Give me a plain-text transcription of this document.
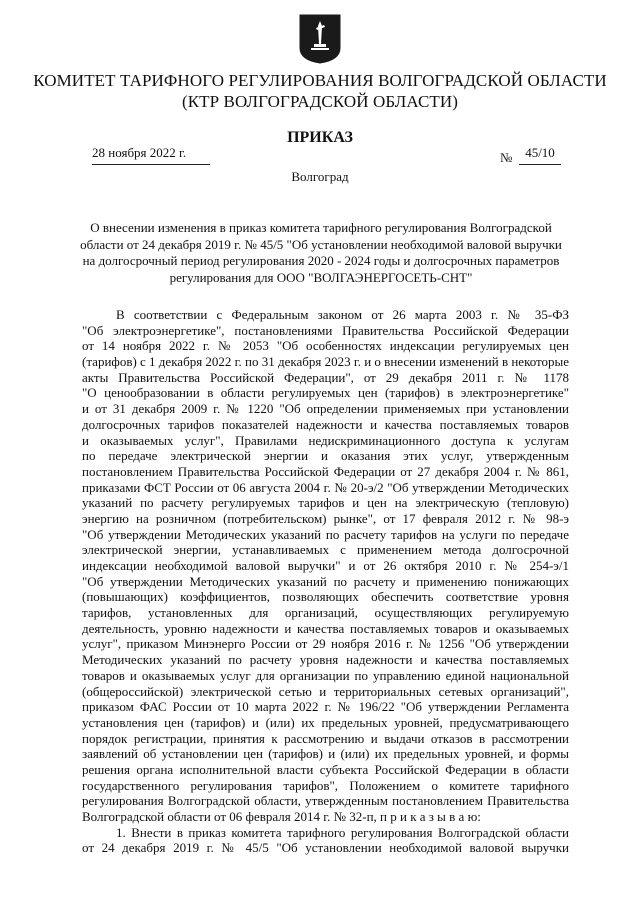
КОМИТЕТ ТАРИФНОГО РЕГУЛИРОВАНИЯ ВОЛГОГРАДСКОЙ ОБЛАСТИ
(КТР ВОЛГОГРАДСКОЙ ОБЛАСТИ)
ПРИКАЗ
28 ноября 2022 г.	№ 45/10
Волгоград
О внесении изменения в приказ комитета тарифного регулирования Волгоградской
области от 24 декабря 2019 г. № 45/5 "Об установлении необходимой валовой выручки
на долгосрочный период регулирования 2020 - 2024 годы и долгосрочных параметров
регулирования для ООО "ВОЛГАЭНЕРГОСЕТЬ-СНТ"
В соответствии с Федеральным законом от 26 марта 2003 г. № 35-ФЗ
"Об электроэнергетике", постановлениями Правительства Российской Федерации
от 14 ноября 2022 г. № 2053 "Об особенностях индексации регулируемых цен
(тарифов) с 1 декабря 2022 г. по 31 декабря 2023 г. и о внесении изменений в некоторые
акты Правительства Российской Федерации", от 29 декабря 2011 г. № 1178
"О ценообразовании в области регулируемых цен (тарифов) в электроэнергетике"
и от 31 декабря 2009 г. № 1220 "Об определении применяемых при установлении
долгосрочных тарифов показателей надежности и качества поставляемых товаров
и оказываемых услуг", Правилами недискриминационного доступа к услугам
по передаче электрической энергии и оказания этих услуг, утвержденным
постановлением Правительства Российской Федерации от 27 декабря 2004 г. № 861,
приказами ФСТ России от 06 августа 2004 г. № 20-э/2 "Об утверждении Методических
указаний по расчету регулируемых тарифов и цен на электрическую (тепловую)
энергию на розничном (потребительском) рынке", от 17 февраля 2012 г. № 98-э
"Об утверждении Методических указаний по расчету тарифов на услуги по передаче
электрической энергии, устанавливаемых с применением метода долгосрочной
индексации необходимой валовой выручки" и от 26 октября 2010 г. № 254-э/1
"Об утверждении Методических указаний по расчету и применению понижающих
(повышающих) коэффициентов, позволяющих обеспечить соответствие уровня
тарифов, установленных для организаций, осуществляющих регулируемую
деятельность, уровню надежности и качества поставляемых товаров и оказываемых
услуг", приказом Минэнерго России от 29 ноября 2016 г. № 1256 "Об утверждении
Методических указаний по расчету уровня надежности и качества поставляемых
товаров и оказываемых услуг для организации по управлению единой национальной
(общероссийской) электрической сетью и территориальных сетевых организаций",
приказом ФАС России от 10 марта 2022 г. № 196/22 "Об утверждении Регламента
установления цен (тарифов) и (или) их предельных уровней, предусматривающего
порядок регистрации, принятия к рассмотрению и выдачи отказов в рассмотрении
заявлений об установлении цен (тарифов) и (или) их предельных уровней, и формы
решения органа исполнительной власти субъекта Российской Федерации в области
государственного регулирования тарифов", Положением о комитете тарифного
регулирования Волгоградской области, утвержденным постановлением Правительства
Волгоградской области от 06 февраля 2014 г. № 32-п, п р и к а з ы в а ю:
1. Внести в приказ комитета тарифного регулирования Волгоградской области
от 24 декабря 2019 г. № 45/5 "Об установлении необходимой валовой выручки
